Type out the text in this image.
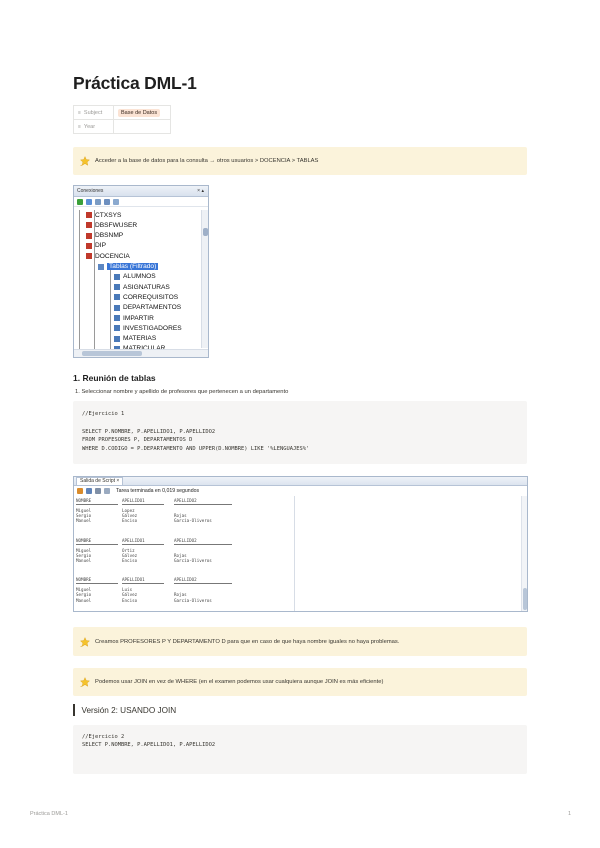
Práctica DML-1
≡ Subject	Base de Datos
≡ Year	
Acceder a la base de datos para la consulta → otros usuarios > DOCENCIA > TABLAS
Conexiones	× ▴
CTXSYS
DBSFWUSER
DBSNMP
DIP
DOCENCIA
Tablas (Filtrado)
ALUMNOS
ASIGNATURAS
CORREQUISITOS
DEPARTAMENTOS
IMPARTIR
INVESTIGADORES
MATERIAS
1. Reunión de tablas
1. Seleccionar nombre y apellido de profesores que pertenecen a un departamento
//Ejercicio 1
SELECT P.NOMBRE, P.APELLIDO1, P.APELLIDO2
FROM PROFESORES P, DEPARTAMENTOS D
WHERE D.CODIGO = P.DEPARTAMENTO AND UPPER(D.NOMBRE) LIKE '%LENGUAJES%'
Salida de Script ×
Tarea terminada en 0,019 segundos
NOMBRE	APELLIDO1	APELLIDO2
Miguel	Lopez
Sergio	Gálvez	Rojas
Manuel	Enciso	García-Oliveros
NOMBRE	APELLIDO1	APELLIDO2
Miguel	Ortiz
Sergio	Gálvez	Rojas
Manuel	Enciso	García-Oliveros
NOMBRE	APELLIDO1	APELLIDO2
Miguel	Luis
Sergio	Gálvez	Rojas
Manuel	Enciso	García-Oliveros
Creamos PROFESORES P Y DEPARTAMENTO D para que en caso de que haya nombre iguales no haya problemas.
Podemos usar JOIN en vez de WHERE (en el examen podemos usar cualquiera aunque JOIN es más eficiente)
Versión 2: USANDO JOIN
//Ejercicio 2
SELECT P.NOMBRE, P.APELLIDO1, P.APELLIDO2
Práctica DML-1	1
